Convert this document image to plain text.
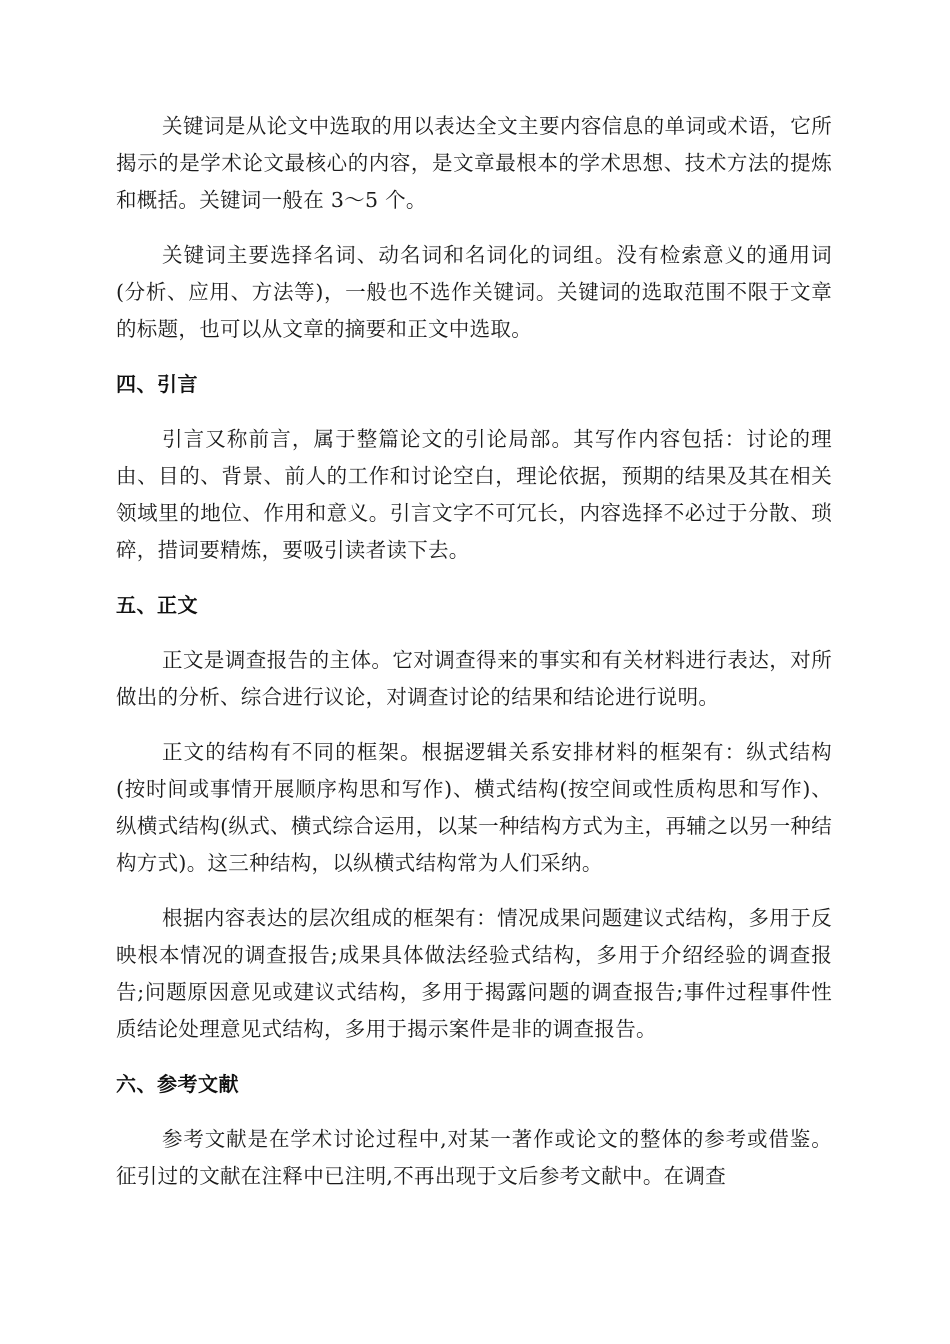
关键词是从论文中选取的用以表达全文主要内容信息的单词或术语，它所揭示的是学术论文最核心的内容，是文章最根本的学术思想、技术方法的提炼和概括。关键词一般在 3～5 个。

关键词主要选择名词、动名词和名词化的词组。没有检索意义的通用词(分析、应用、方法等)，一般也不选作关键词。关键词的选取范围不限于文章的标题，也可以从文章的摘要和正文中选取。

四、引言

引言又称前言，属于整篇论文的引论局部。其写作内容包括：讨论的理由、目的、背景、前人的工作和讨论空白，理论依据，预期的结果及其在相关领域里的地位、作用和意义。引言文字不可冗长，内容选择不必过于分散、琐碎，措词要精炼，要吸引读者读下去。

五、正文

正文是调查报告的主体。它对调查得来的事实和有关材料进行表达，对所做出的分析、综合进行议论，对调查讨论的结果和结论进行说明。

正文的结构有不同的框架。根据逻辑关系安排材料的框架有：纵式结构(按时间或事情开展顺序构思和写作)、横式结构(按空间或性质构思和写作)、纵横式结构(纵式、横式综合运用，以某一种结构方式为主，再辅之以另一种结构方式)。这三种结构，以纵横式结构常为人们采纳。

根据内容表达的层次组成的框架有：情况成果问题建议式结构，多用于反映根本情况的调查报告;成果具体做法经验式结构，多用于介绍经验的调查报告;问题原因意见或建议式结构，多用于揭露问题的调查报告;事件过程事件性质结论处理意见式结构，多用于揭示案件是非的调查报告。

六、参考文献

参考文献是在学术讨论过程中,对某一著作或论文的整体的参考或借鉴。征引过的文献在注释中已注明,不再出现于文后参考文献中。在调查
